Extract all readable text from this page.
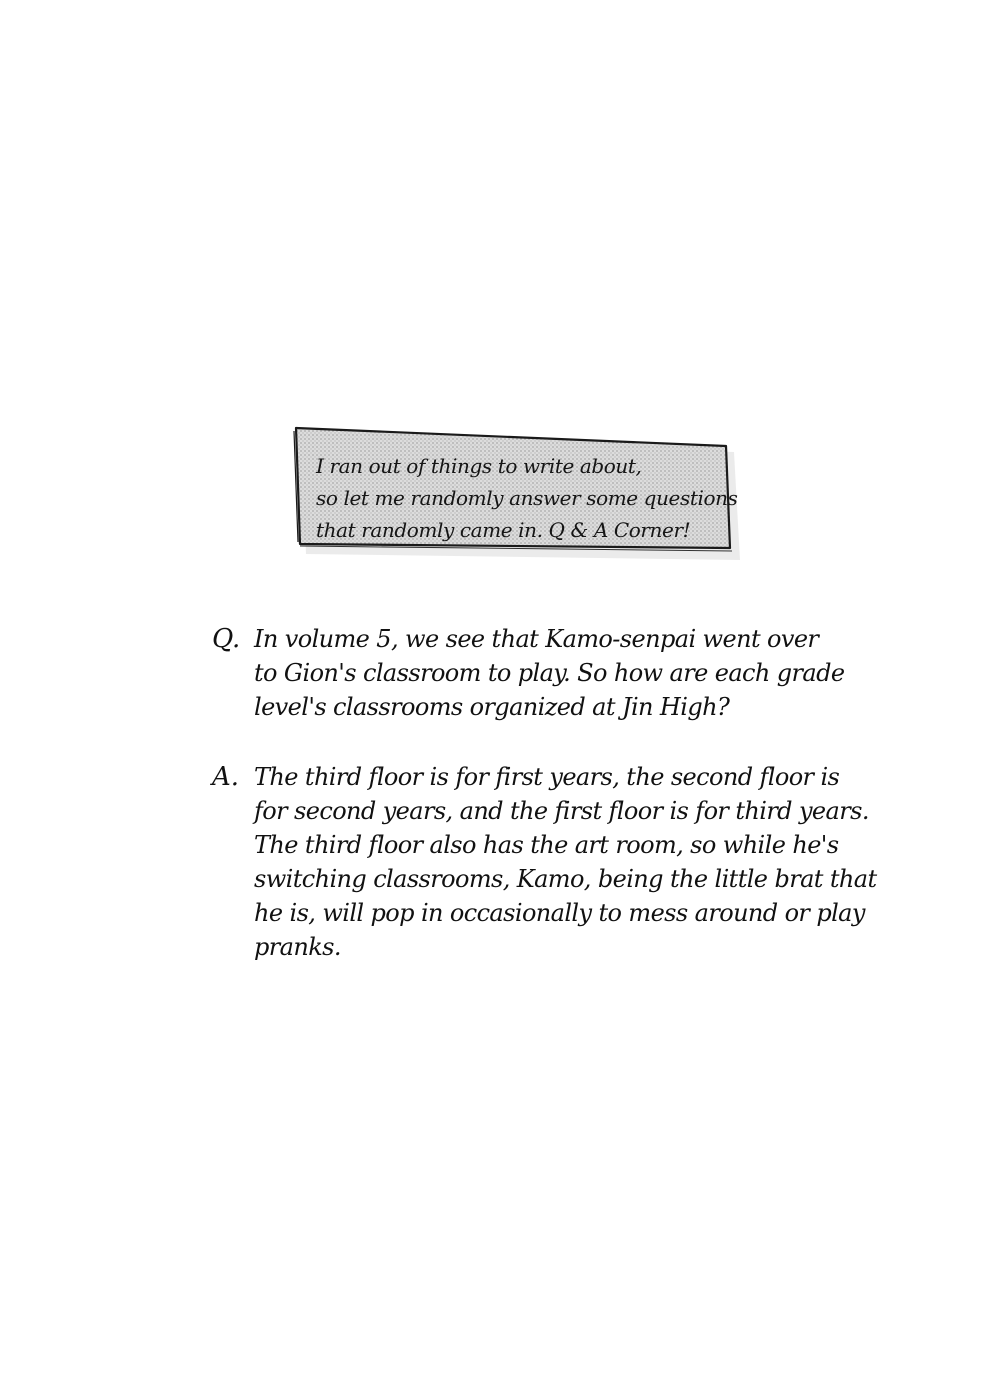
I ran out of things to write about,
so let me randomly answer some questions
that randomly came in. Q & A Corner!
Q. In volume 5, we see that Kamo-senpai went over
to Gion's classroom to play. So how are each grade
level's classrooms organized at Jin High?
A. The third floor is for first years, the second floor is
for second years, and the first floor is for third years.
The third floor also has the art room, so while he's
switching classrooms, Kamo, being the little brat that
he is, will pop in occasionally to mess around or play
pranks.
